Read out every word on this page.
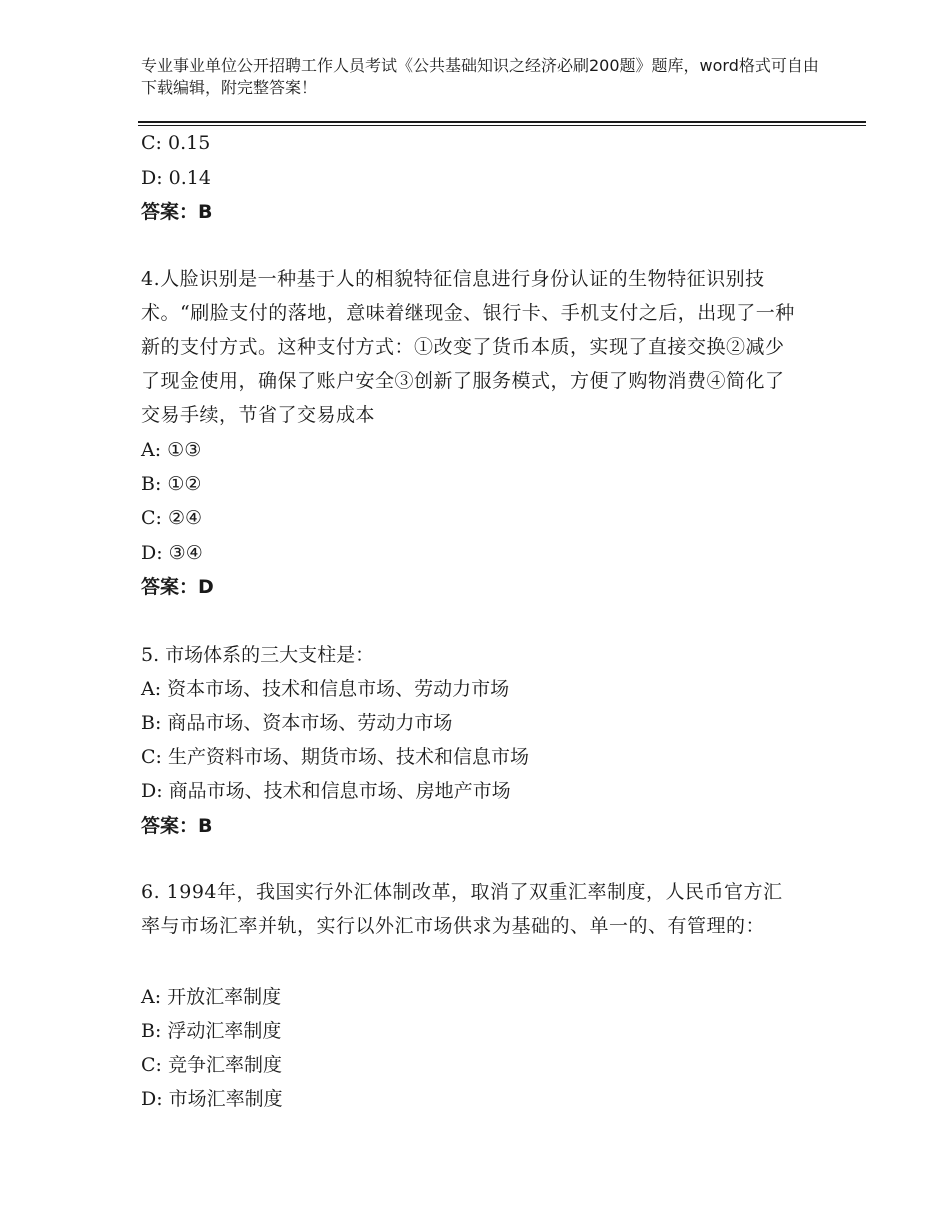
专业事业单位公开招聘工作人员考试《公共基础知识之经济必刷200题》题库，word格式可自由下载编辑，附完整答案！
C: 0.15
D: 0.14
答案：B
4.人脸识别是一种基于人的相貌特征信息进行身份认证的生物特征识别技术。“刷脸支付的落地，意味着继现金、银行卡、手机支付之后，出现了一种新的支付方式。这种支付方式：①改变了货币本质，实现了直接交换②减少了现金使用，确保了账户安全③创新了服务模式，方便了购物消费④简化了交易手续，节省了交易成本
A: ①③
B: ①②
C: ②④
D: ③④
答案：D
5. 市场体系的三大支柱是：
A: 资本市场、技术和信息市场、劳动力市场
B: 商品市场、资本市场、劳动力市场
C: 生产资料市场、期货市场、技术和信息市场
D: 商品市场、技术和信息市场、房地产市场
答案：B
6. 1994年，我国实行外汇体制改革，取消了双重汇率制度，人民币官方汇率与市场汇率并轨，实行以外汇市场供求为基础的、单一的、有管理的：
A: 开放汇率制度
B: 浮动汇率制度
C: 竞争汇率制度
D: 市场汇率制度
